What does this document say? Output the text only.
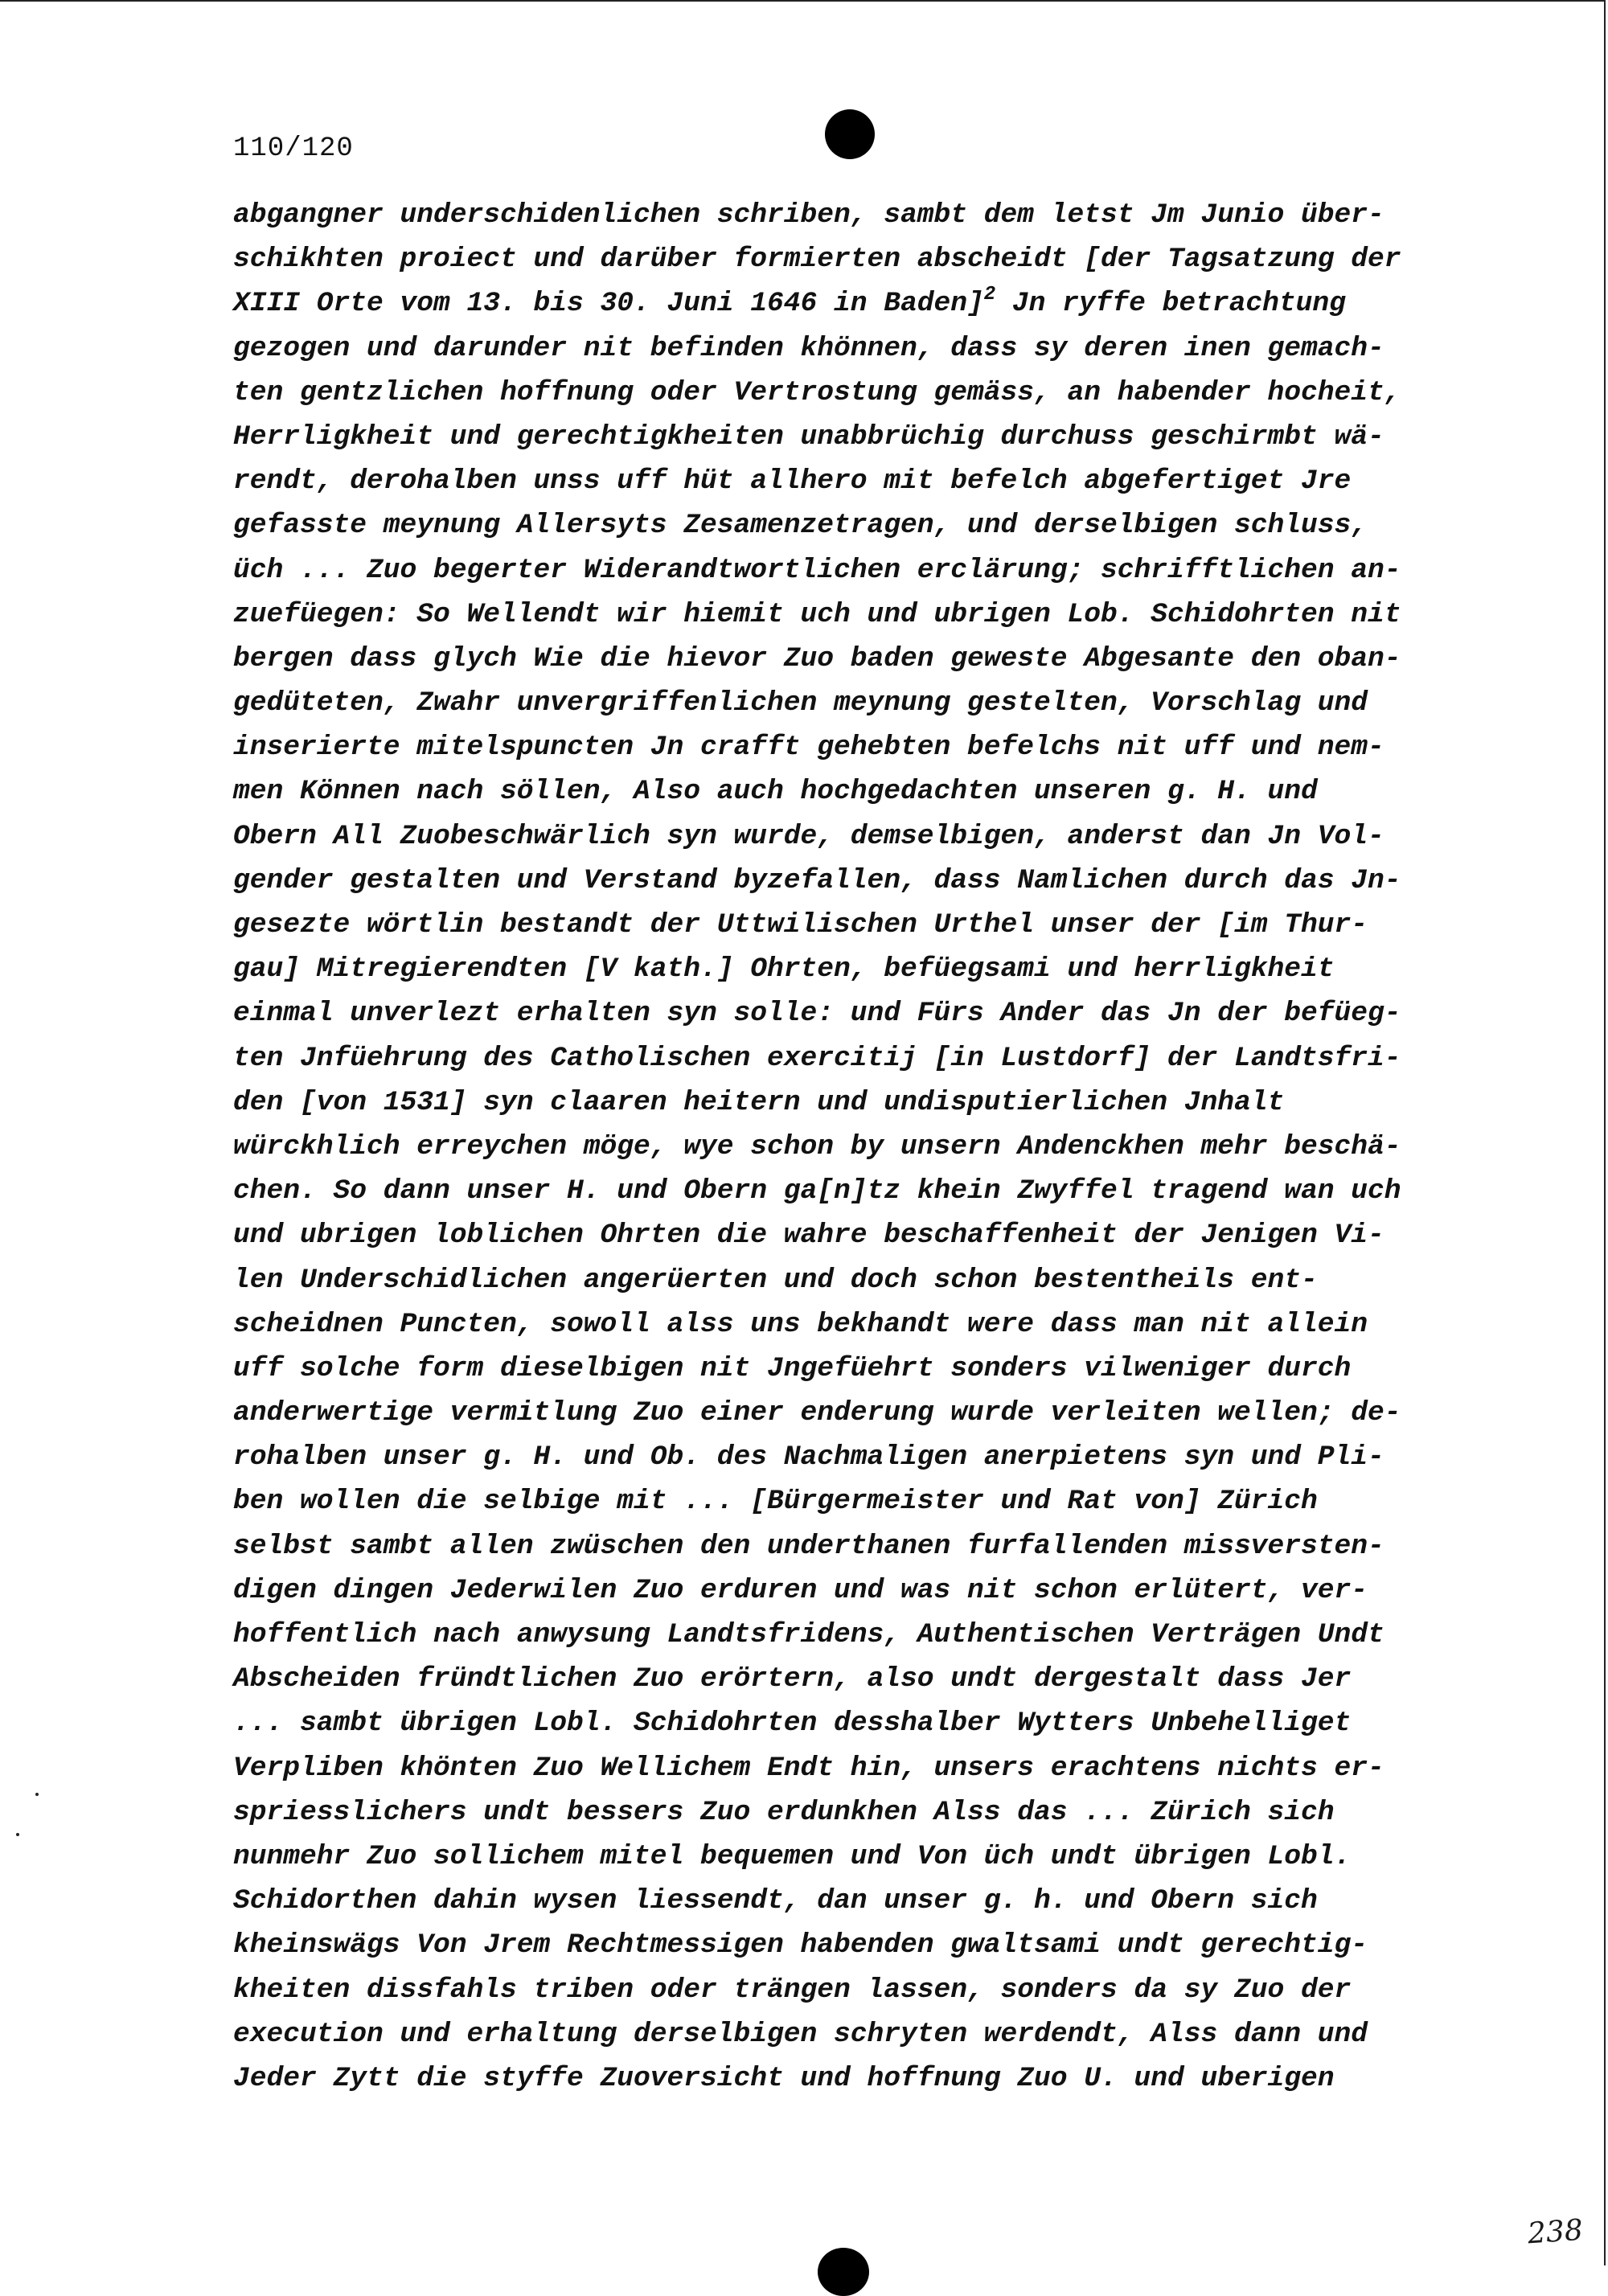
110/120
abgangner underschidenlichen schriben, sambt dem letst Jm Junio über-
schikhten proiect und darüber formierten abscheidt [der Tagsatzung der
XIII Orte vom 13. bis 30. Juni 1646 in Baden]$^2$ Jn ryffe betrachtung
gezogen und darunder nit befinden khönnen, dass sy deren inen gemach-
ten gentzlichen hoffnung oder Vertrostung gemäss, an habender hocheit,
Herrligkheit und gerechtigkheiten unabbrüchig durchuss geschirmbt wä-
rendt, derohalben unss uff hüt allhero mit befelch abgefertiget Jre
gefasste meynung Allersyts Zesamenzetragen, und derselbigen schluss,
üch ... Zuo begerter Widerandtwortlichen erclärung; schrifftlichen an-
zuefüegen: So Wellendt wir hiemit uch und ubrigen Lob. Schidohrten nit
bergen dass glych Wie die hievor Zuo baden geweste Abgesante den oban-
gedüteten, Zwahr unvergriffenlichen meynung gestelten, Vorschlag und
inserierte mitelspuncten Jn crafft gehebten befelchs nit uff und nem-
men Können nach söllen, Also auch hochgedachten unseren g. H. und
Obern All Zuobeschwärlich syn wurde, demselbigen, anderst dan Jn Vol-
gender gestalten und Verstand byzefallen, dass Namlichen durch das Jn-
gesezte wörtlin bestandt der Uttwilischen Urthel unser der [im Thur-
gau] Mitregierendten [V kath.] Ohrten, befüegsami und herrligkheit
einmal unverlezt erhalten syn solle: und Fürs Ander das Jn der befüeg-
ten Jnfüehrung des Catholischen exercitij [in Lustdorf] der Landtsfri-
den [von 1531] syn claaren heitern und undisputierlichen Jnhalt
würckhlich erreychen möge, wye schon by unsern Andenckhen mehr beschä-
chen. So dann unser H. und Obern ga[n]tz khein Zwyffel tragend wan uch
und ubrigen loblichen Ohrten die wahre beschaffenheit der Jenigen Vi-
len Underschidlichen angerüerten und doch schon bestentheils ent-
scheidnen Puncten, sowoll alss uns bekhandt were dass man nit allein
uff solche form dieselbigen nit Jngefüehrt sonders vilweniger durch
anderwertige vermitlung Zuo einer enderung wurde verleiten wellen; de-
rohalben unser g. H. und Ob. des Nachmaligen anerpietens syn und Pli-
ben wollen die selbige mit ... [Bürgermeister und Rat von] Zürich
selbst sambt allen zwüschen den underthanen furfallenden missversten-
digen dingen Jederwilen Zuo erduren und was nit schon erlütert, ver-
hoffentlich nach anwysung Landtsfridens, Authentischen Verträgen Undt
Abscheiden fründtlichen Zuo erörtern, also undt dergestalt dass Jer
... sambt übrigen Lobl. Schidohrten desshalber Wytters Unbehelliget
Verpliben khönten Zuo Wellichem Endt hin, unsers erachtens nichts er-
spriesslichers undt bessers Zuo erdunkhen Alss das ... Zürich sich
nunmehr Zuo sollichem mitel bequemen und Von üch undt übrigen Lobl.
Schidorthen dahin wysen liessendt, dan unser g. h. und Obern sich
kheinswägs Von Jrem Rechtmessigen habenden gwaltsami undt gerechtig-
kheiten dissfahls triben oder trängen lassen, sonders da sy Zuo der
execution und erhaltung derselbigen schryten werdendt, Alss dann und
Jeder Zytt die styffe Zuoversicht und hoffnung Zuo U. und uberigen
238
